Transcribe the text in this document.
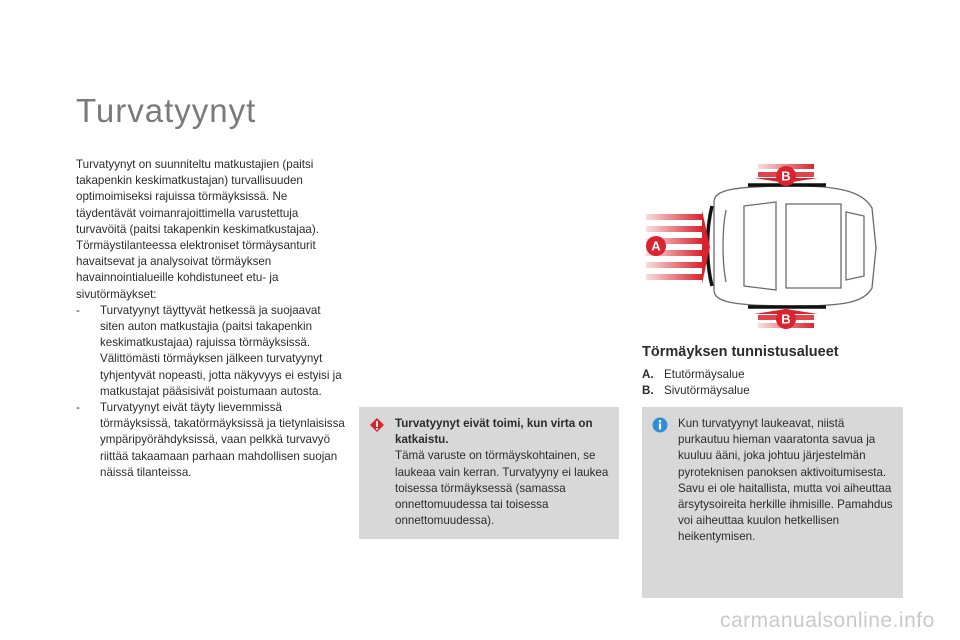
Turvatyynyt

Turvatyynyt on suunniteltu matkustajien (paitsi takapenkin keskimatkustajan) turvallisuuden optimoimiseksi rajuissa törmäyksissä. Ne täydentävät voimanrajoittimella varustettuja turvavöitä (paitsi takapenkin keskimatkustajaa). Törmäystilanteessa elektroniset törmäysanturit havaitsevat ja analysoivat törmäyksen havainnointialueille kohdistuneet etu- ja sivutörmäykset:

- Turvatyynyt täyttyvät hetkessä ja suojaavat siten auton matkustajia (paitsi takapenkin keskimatkustajaa) rajuissa törmäyksissä. Välittömästi törmäyksen jälkeen turvatyynyt tyhjentyvät nopeasti, jotta näkyvyys ei estyisi ja matkustajat pääsisivät poistumaan autosta.
- Turvatyynyt eivät täyty lievemmissä törmäyksissä, takatörmäyksissä ja tietynlaisissa ympäripyörähdyksissä, vaan pelkkä turvavyö riittää takaamaan parhaan mahdollisen suojan näissä tilanteissa.
Turvatyynyt eivät toimi, kun virta on katkaistu.
Tämä varuste on törmäyskohtainen, se laukeaa vain kerran. Turvatyyny ei laukea toisessa törmäyksessä (samassa onnettomuudessa tai toisessa onnettomuudessa).
Kun turvatyynyt laukeavat, niistä purkautuu hieman vaaratonta savua ja kuuluu ääni, joka johtuu järjestelmän pyroteknisen panoksen aktivoitumisesta. Savu ei ole haitallista, mutta voi aiheuttaa ärsytysoireita herkille ihmisille. Pamahdus voi aiheuttaa kuulon hetkellisen heikentymisen.
A
B
B
Törmäyksen tunnistusalueet
A. Etutörmäysalue
B. Sivutörmäysalue
carmanualsonline.info
